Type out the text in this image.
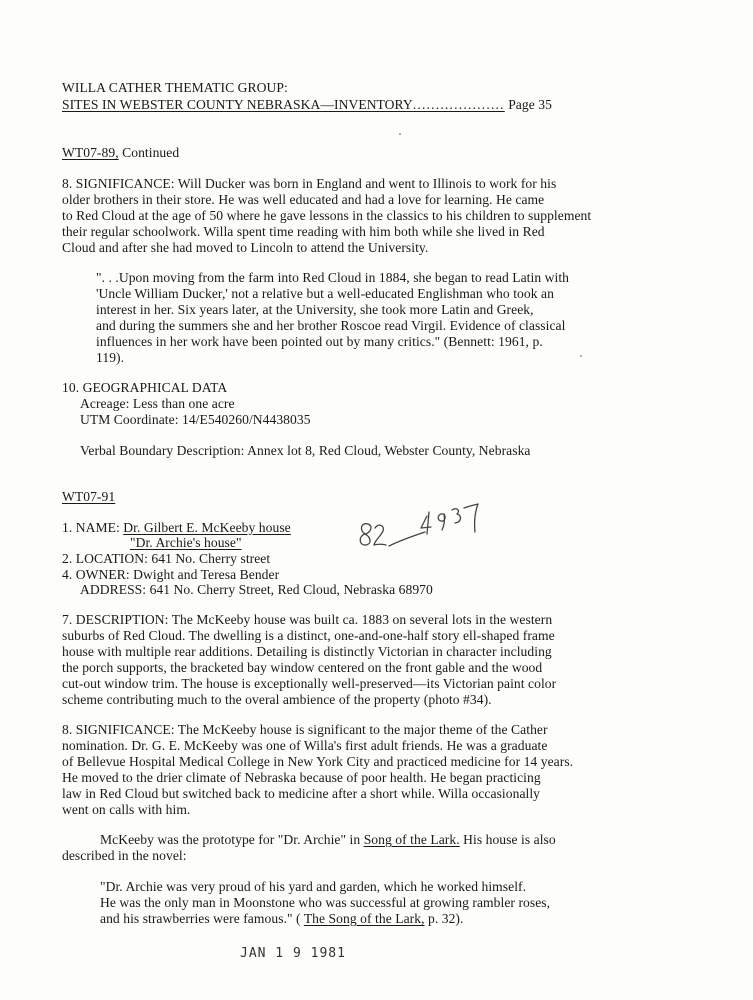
WILLA CATHER THEMATIC GROUP:
SITES IN WEBSTER COUNTY NEBRASKA—INVENTORY.................... Page 35
WT07-89, Continued
8. SIGNIFICANCE: Will Ducker was born in England and went to Illinois to work for his
older brothers in their store. He was well educated and had a love for learning. He came
to Red Cloud at the age of 50 where he gave lessons in the classics to his children to supplement
their regular schoolwork. Willa spent time reading with him both while she lived in Red
Cloud and after she had moved to Lincoln to attend the University.
". . .Upon moving from the farm into Red Cloud in 1884, she began to read Latin with
'Uncle William Ducker,' not a relative but a well-educated Englishman who took an
interest in her. Six years later, at the University, she took more Latin and Greek,
and during the summers she and her brother Roscoe read Virgil. Evidence of classical
influences in her work have been pointed out by many critics." (Bennett: 1961, p.
119).
10. GEOGRAPHICAL DATA
Acreage: Less than one acre
UTM Coordinate: 14/E540260/N4438035
Verbal Boundary Description: Annex lot 8, Red Cloud, Webster County, Nebraska
WT07-91
1. NAME: Dr. Gilbert E. McKeeby house
"Dr. Archie's house"
2. LOCATION: 641 No. Cherry street
4. OWNER: Dwight and Teresa Bender
ADDRESS: 641 No. Cherry Street, Red Cloud, Nebraska 68970
7. DESCRIPTION: The McKeeby house was built ca. 1883 on several lots in the western
suburbs of Red Cloud. The dwelling is a distinct, one-and-one-half story ell-shaped frame
house with multiple rear additions. Detailing is distinctly Victorian in character including
the porch supports, the bracketed bay window centered on the front gable and the wood
cut-out window trim. The house is exceptionally well-preserved—its Victorian paint color
scheme contributing much to the overal ambience of the property (photo #34).
8. SIGNIFICANCE: The McKeeby house is significant to the major theme of the Cather
nomination. Dr. G. E. McKeeby was one of Willa's first adult friends. He was a graduate
of Bellevue Hospital Medical College in New York City and practiced medicine for 14 years.
He moved to the drier climate of Nebraska because of poor health. He began practicing
law in Red Cloud but switched back to medicine after a short while. Willa occasionally
went on calls with him.
McKeeby was the prototype for "Dr. Archie" in Song of the Lark. His house is also
described in the novel:
"Dr. Archie was very proud of his yard and garden, which he worked himself.
He was the only man in Moonstone who was successful at growing rambler roses,
and his strawberries were famous." ( The Song of the Lark, p. 32).
JAN 1 9 1981
